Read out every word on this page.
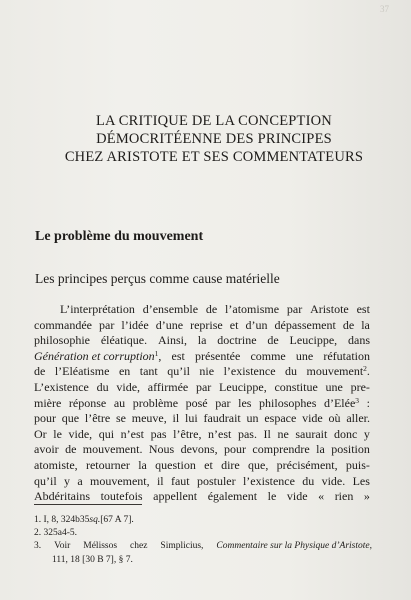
37
LA CRITIQUE DE LA CONCEPTION
DÉMOCRITÉENNE DES PRINCIPES
CHEZ ARISTOTE ET SES COMMENTATEURS
Le problème du mouvement
Les principes perçus comme cause matérielle
L’interprétation d’ensemble de l’atomisme par Aristote est
commandée par l’idée d’une reprise et d’un dépassement de la
philosophie éléatique. Ainsi, la doctrine de Leucippe, dans
Génération et corruption$^1$, est présentée comme une réfutation
de l’Eléatisme en tant qu’il nie l’existence du mouvement$^2$.
L’existence du vide, affirmée par Leucippe, constitue une pre-
mière réponse au problème posé par les philosophes d’Elée$^3$ :
pour que l’être se meuve, il lui faudrait un espace vide où aller.
Or le vide, qui n’est pas l’être, n’est pas. Il ne saurait donc y
avoir de mouvement. Nous devons, pour comprendre la position
atomiste, retourner la question et dire que, précisément, puis-
qu’il y a mouvement, il faut postuler l’existence du vide. Les
Abdéritains toutefois appellent également le vide « rien »
1. I, 8, 324b35 sq. [67 A 7].
2. 325a4-5.
3. Voir Mélissos chez Simplicius, Commentaire sur la Physique d’Aristote,
111, 18 [30 B 7], § 7.
